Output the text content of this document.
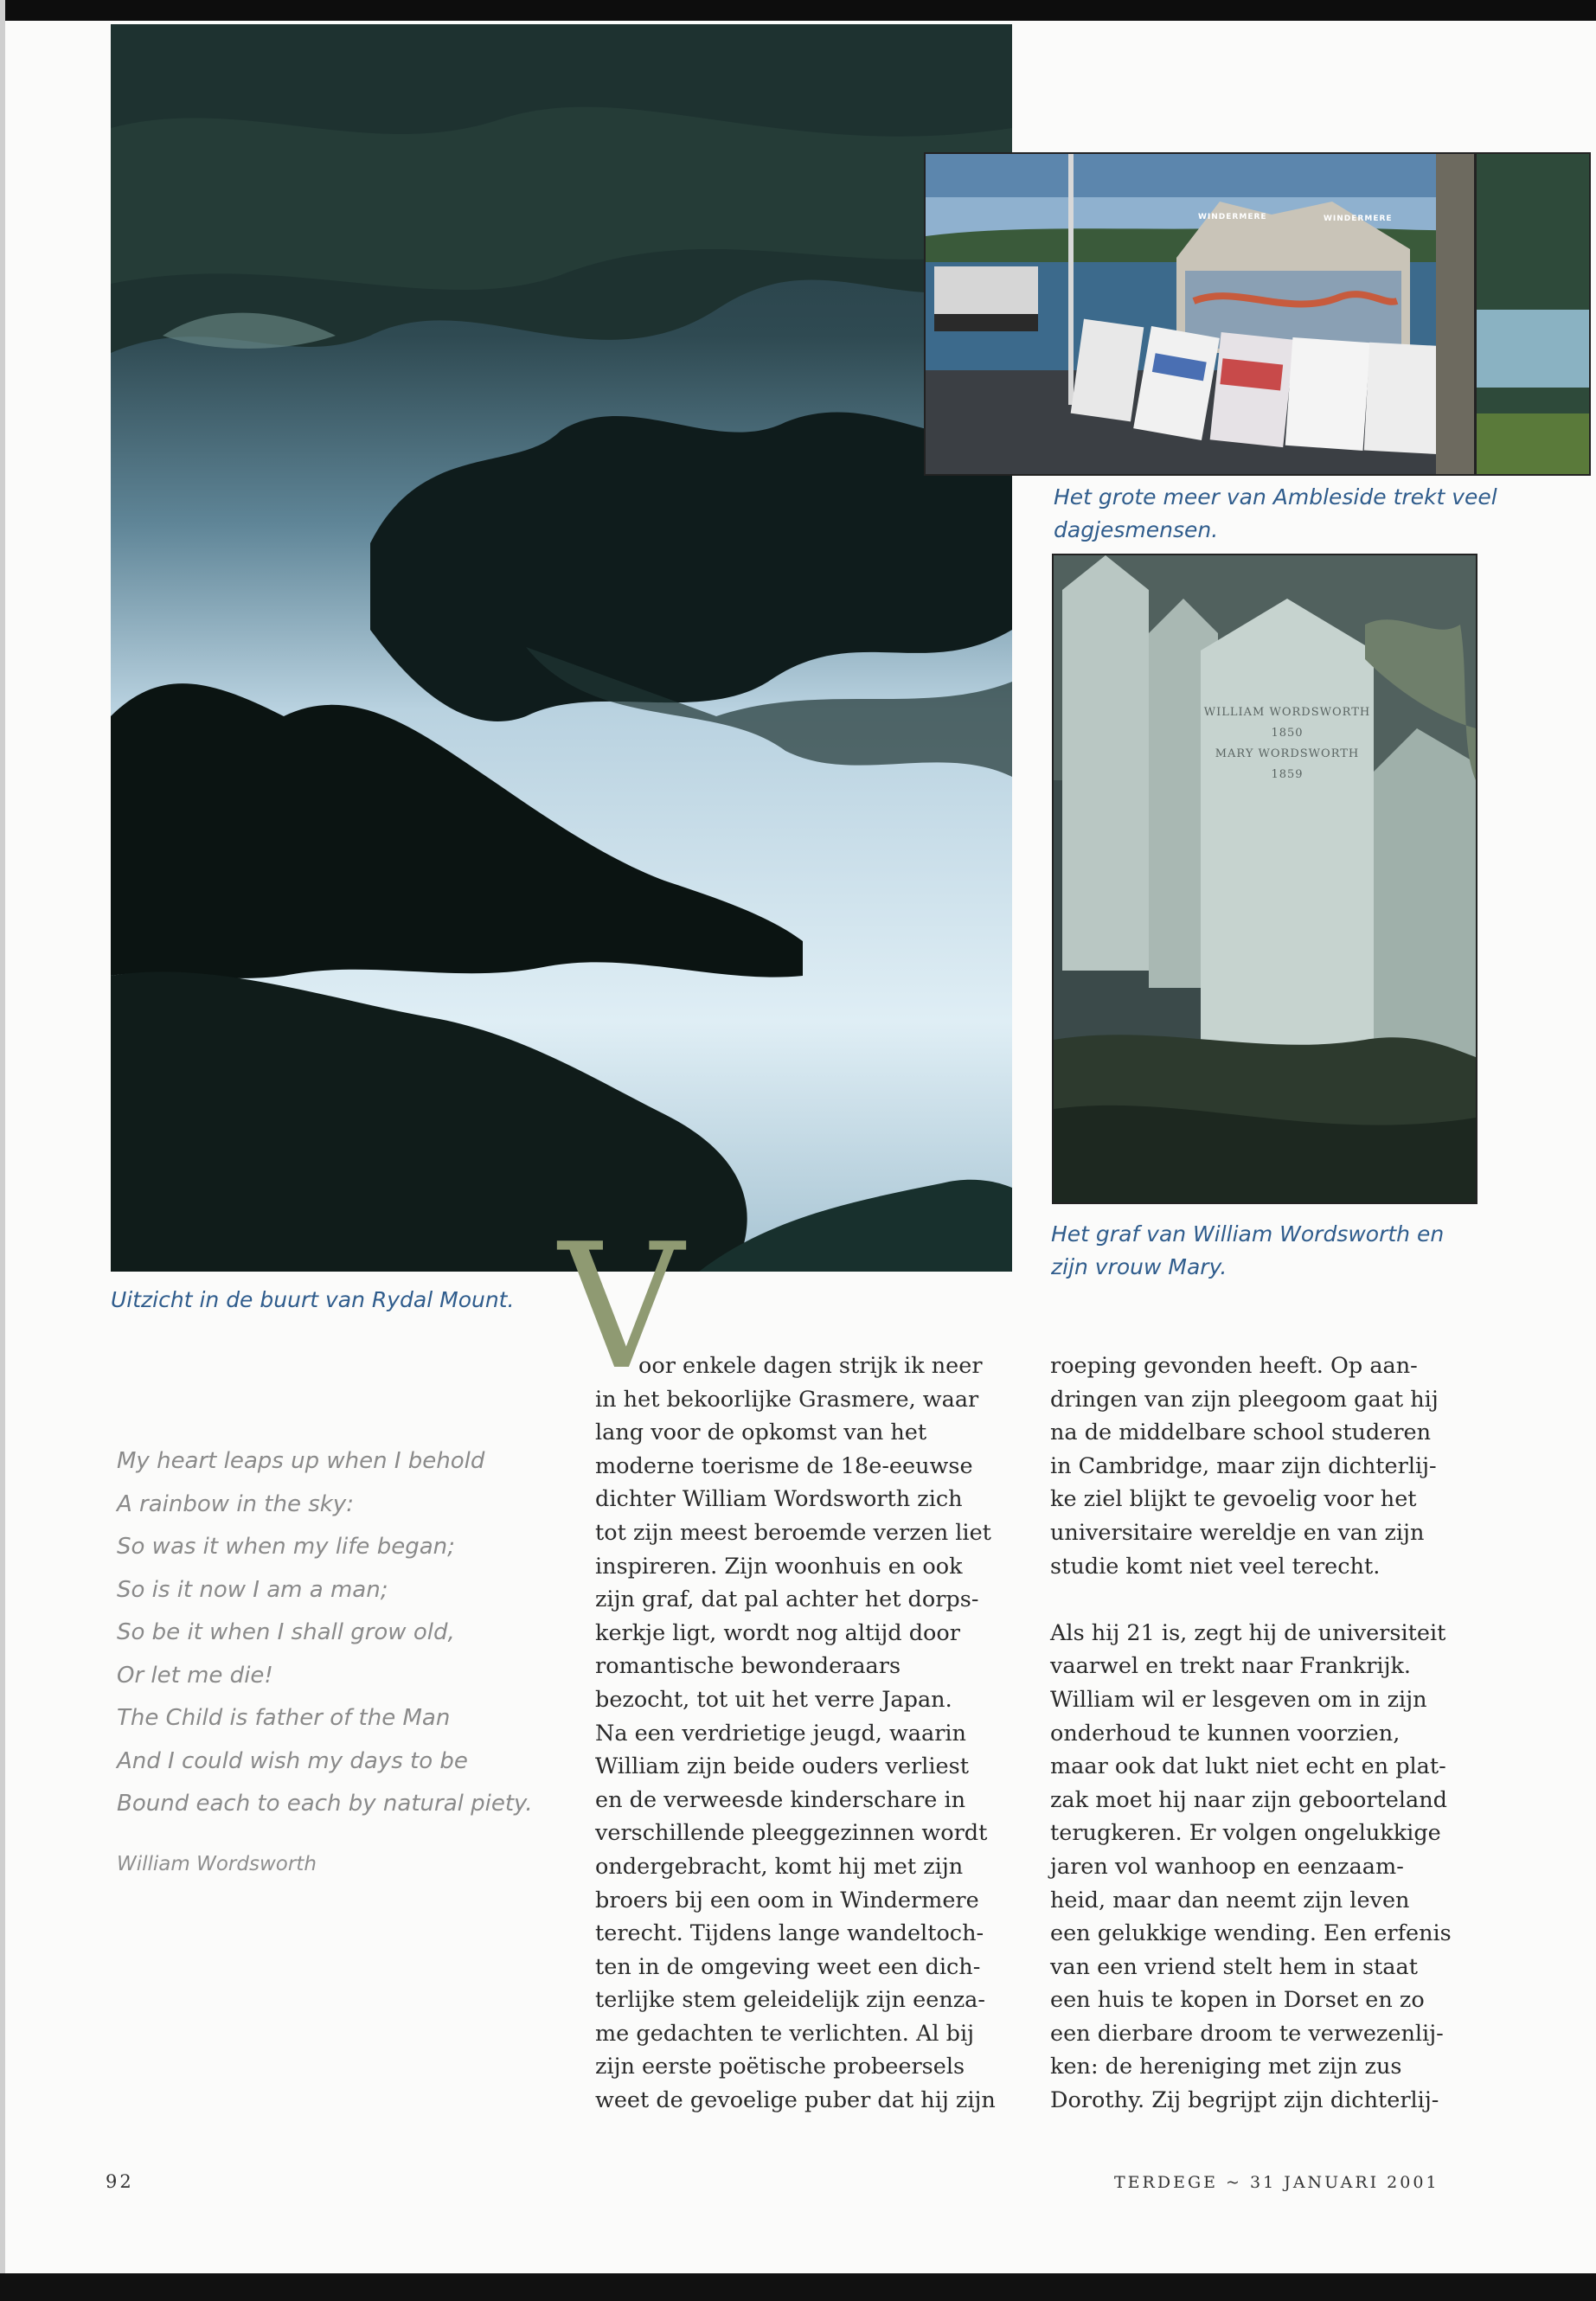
WINDERMERE	WINDERMERE
Het grote meer van Ambleside trekt veel
dagjesmensen.
WILLIAM WORDSWORTH
1850
MARY WORDSWORTH
1859
Het graf van William Wordsworth en
zijn vrouw Mary.
Uitzicht in de buurt van Rydal Mount.
My heart leaps up when I behold
A rainbow in the sky:
So was it when my life began;
So is it now I am a man;
So be it when I shall grow old,
Or let me die!
The Child is father of the Man
And I could wish my days to be
Bound each to each by natural piety.
William Wordsworth
V
oor enkele dagen strijk ik neer
in het bekoorlijke Grasmere, waar
lang voor de opkomst van het
moderne toerisme de 18e-eeuwse
dichter William Wordsworth zich
tot zijn meest beroemde verzen liet
inspireren. Zijn woonhuis en ook
zijn graf, dat pal achter het dorps-
kerkje ligt, wordt nog altijd door
romantische bewonderaars
bezocht, tot uit het verre Japan.
Na een verdrietige jeugd, waarin
William zijn beide ouders verliest
en de verweesde kinderschare in
verschillende pleeggezinnen wordt
ondergebracht, komt hij met zijn
broers bij een oom in Windermere
terecht. Tijdens lange wandeltoch-
ten in de omgeving weet een dich-
terlijke stem geleidelijk zijn eenza-
me gedachten te verlichten. Al bij
zijn eerste poëtische probeersels
weet de gevoelige puber dat hij zijn
roeping gevonden heeft. Op aan-
dringen van zijn pleegoom gaat hij
na de middelbare school studeren
in Cambridge, maar zijn dichterlij-
ke ziel blijkt te gevoelig voor het
universitaire wereldje en van zijn
studie komt niet veel terecht.
Als hij 21 is, zegt hij de universiteit
vaarwel en trekt naar Frankrijk.
William wil er lesgeven om in zijn
onderhoud te kunnen voorzien,
maar ook dat lukt niet echt en plat-
zak moet hij naar zijn geboorteland
terugkeren. Er volgen ongelukkige
jaren vol wanhoop en eenzaam-
heid, maar dan neemt zijn leven
een gelukkige wending. Een erfenis
van een vriend stelt hem in staat
een huis te kopen in Dorset en zo
een dierbare droom te verwezenlij-
ken: de hereniging met zijn zus
Dorothy. Zij begrijpt zijn dichterlij-
92	TERDEGE ~ 31 JANUARI 2001
